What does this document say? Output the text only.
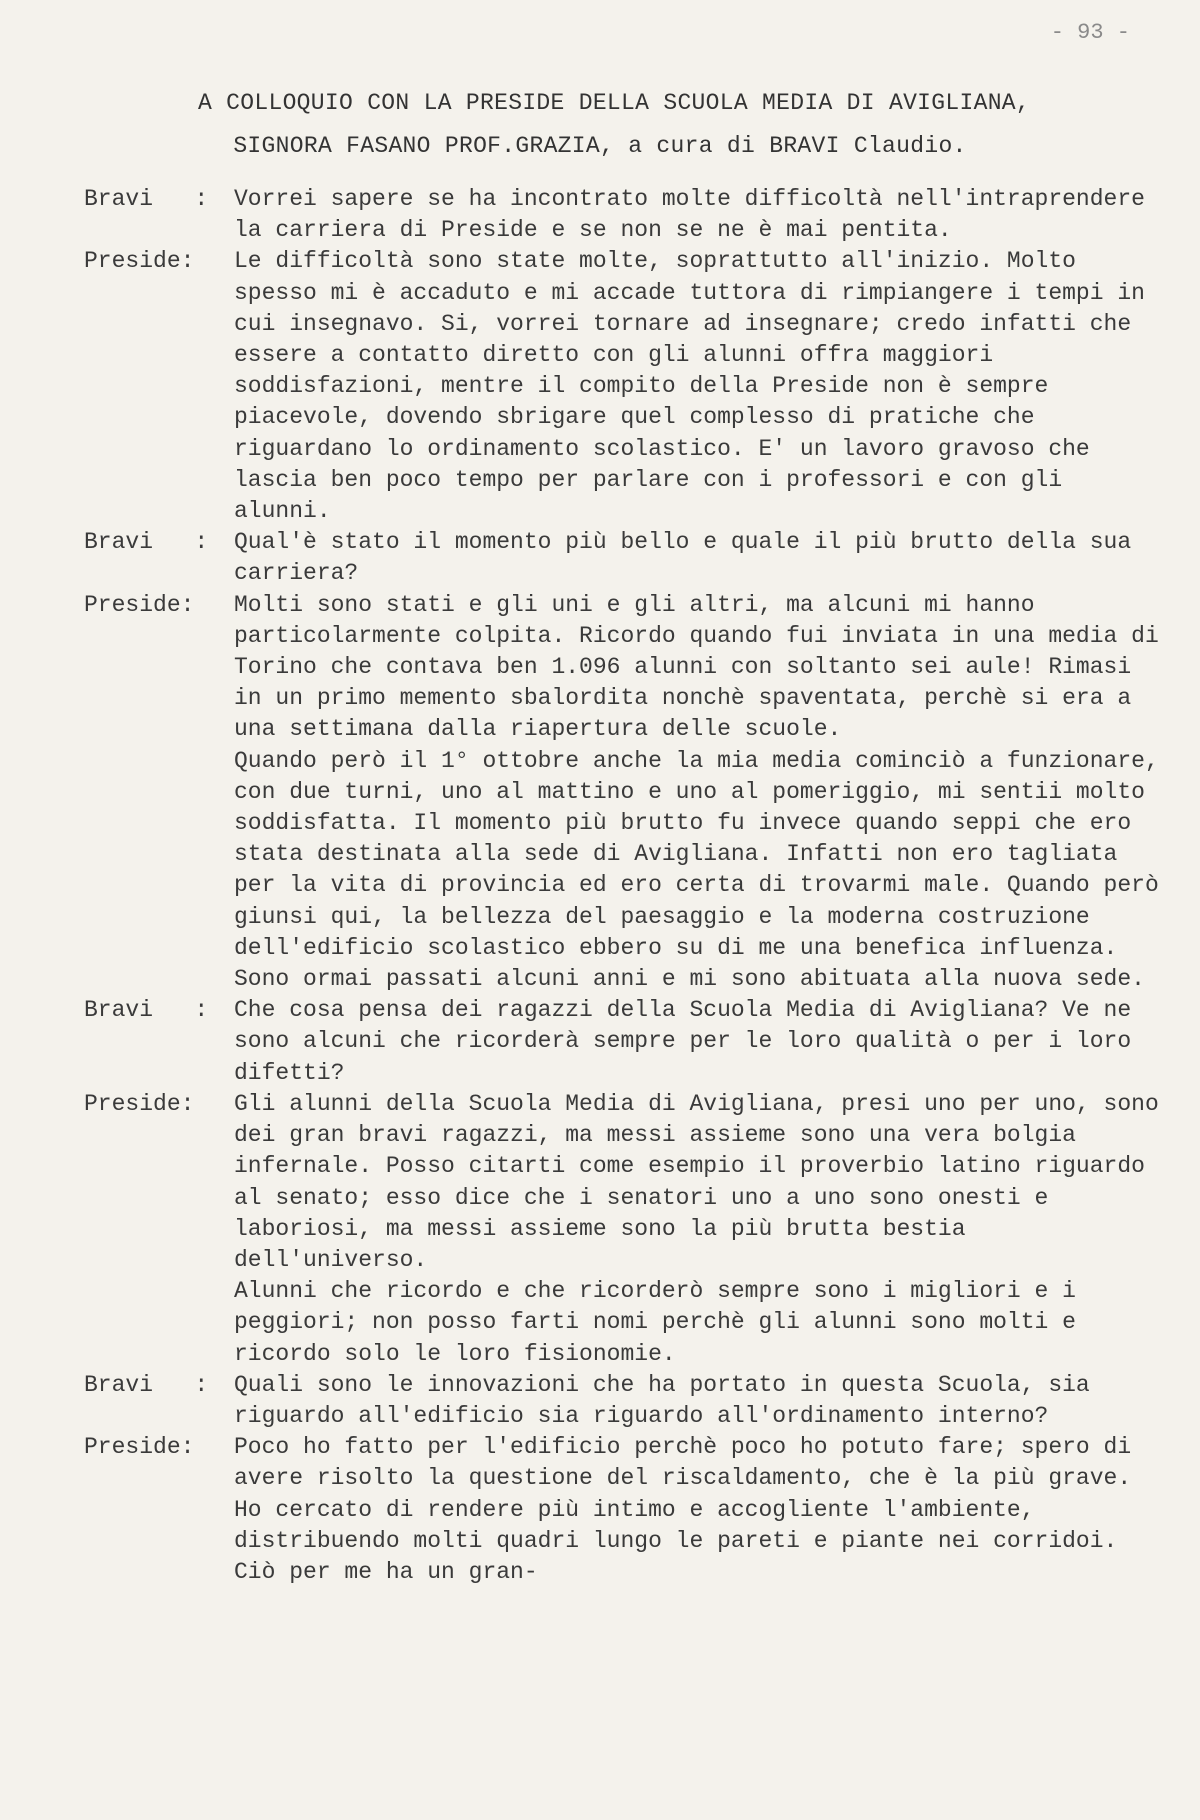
- 93 -
A COLLOQUIO CON LA PRESIDE DELLA SCUOLA MEDIA DI AVIGLIANA,
SIGNORA FASANO PROF.GRAZIA, a cura di BRAVI Claudio.
Bravi   :	Vorrei sapere se ha incontrato molte difficoltà nell'intraprendere la carriera di Preside e se non se ne è mai pentita.

Preside:	Le difficoltà sono state molte, soprattutto all'inizio. Molto spesso mi è accaduto e mi accade tuttora di rimpiangere i tempi in cui insegnavo. Si, vorrei tornare ad insegnare; credo infatti che essere a contatto diretto con gli alunni offra maggiori soddisfazioni, mentre il compito della Preside non è sempre piacevole, dovendo sbrigare quel complesso di pratiche che riguardano lo ordinamento scolastico. E' un lavoro gravoso che lascia ben poco tempo per parlare con i professori e con gli alunni.

Bravi   :	Qual'è stato il momento più bello e quale il più brutto della sua carriera?

Preside:	Molti sono stati e gli uni e gli altri, ma alcuni mi hanno particolarmente colpita. Ricordo quando fui inviata in una media di Torino che contava ben 1.096 alunni con soltanto sei aule! Rimasi in un primo memento sbalordita nonchè spaventata, perchè si era a una settimana dalla riapertura delle scuole.

Quando però il 1° ottobre anche la mia media cominciò a funzionare, con due turni, uno al mattino e uno al pomeriggio, mi sentii molto soddisfatta. Il momento più brutto fu invece quando seppi che ero stata destinata alla sede di Avigliana. Infatti non ero tagliata per la vita di provincia ed ero certa di trovarmi male. Quando però giunsi qui, la bellezza del paesaggio e la moderna costruzione dell'edificio scolastico ebbero su di me una benefica influenza. Sono ormai passati alcuni anni e mi sono abituata alla nuova sede.

Bravi   :	Che cosa pensa dei ragazzi della Scuola Media di Avigliana? Ve ne sono alcuni che ricorderà sempre per le loro qualità o per i loro difetti?

Preside:	Gli alunni della Scuola Media di Avigliana, presi uno per uno, sono dei gran bravi ragazzi, ma messi assieme sono una vera bolgia infernale. Posso citarti come esempio il proverbio latino riguardo al senato; esso dice che i senatori uno a uno sono onesti e laboriosi, ma messi assieme sono la più brutta bestia dell'universo.

Alunni che ricordo e che ricorderò sempre sono i migliori e i peggiori; non posso farti nomi perchè gli alunni sono molti e ricordo solo le loro fisionomie.

Bravi   :	Quali sono le innovazioni che ha portato in questa Scuola, sia riguardo all'edificio sia riguardo all'ordinamento interno?

Preside:	Poco ho fatto per l'edificio perchè poco ho potuto fare; spero di avere risolto la questione del riscaldamento, che è la più grave. Ho cercato di rendere più intimo e accogliente l'ambiente, distribuendo molti quadri lungo le pareti e piante nei corridoi. Ciò per me ha un gran-
